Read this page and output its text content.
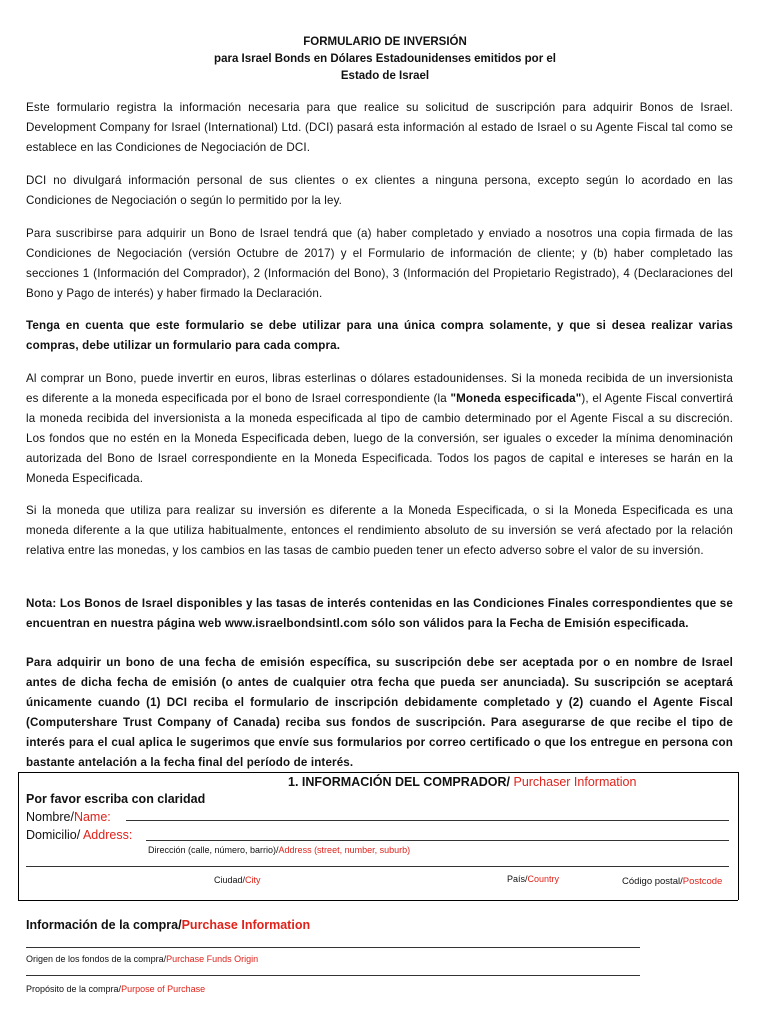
FORMULARIO DE INVERSIÓN
para Israel Bonds en Dólares Estadounidenses emitidos por el
Estado de Israel
Este formulario registra la información necesaria para que realice su solicitud de suscripción para adquirir Bonos de Israel. Development Company for Israel (International) Ltd. (DCI) pasará esta información al estado de Israel o su Agente Fiscal tal como se establece en las Condiciones de Negociación de DCI.
DCI no divulgará información personal de sus clientes o ex clientes a ninguna persona, excepto según lo acordado en las Condiciones de Negociación o según lo permitido por la ley.
Para suscribirse para adquirir un Bono de Israel tendrá que (a) haber completado y enviado a nosotros una copia firmada de las Condiciones de Negociación (versión Octubre de 2017) y el Formulario de información de cliente; y (b) haber completado las secciones 1 (Información del Comprador), 2 (Información del Bono), 3 (Información del Propietario Registrado), 4 (Declaraciones del Bono y Pago de interés) y haber firmado la Declaración.
Tenga en cuenta que este formulario se debe utilizar para una única compra solamente, y que si desea realizar varias compras, debe utilizar un formulario para cada compra.
Al comprar un Bono, puede invertir en euros, libras esterlinas o dólares estadounidenses. Si la moneda recibida de un inversionista es diferente a la moneda especificada por el bono de Israel correspondiente (la "Moneda especificada"), el Agente Fiscal convertirá la moneda recibida del inversionista a la moneda especificada al tipo de cambio determinado por el Agente Fiscal a su discreción. Los fondos que no estén en la Moneda Especificada deben, luego de la conversión, ser iguales o exceder la mínima denominación autorizada del Bono de Israel correspondiente en la Moneda Especificada. Todos los pagos de capital e intereses se harán en la Moneda Especificada.
Si la moneda que utiliza para realizar su inversión es diferente a la Moneda Especificada, o si la Moneda Especificada es una moneda diferente a la que utiliza habitualmente, entonces el rendimiento absoluto de su inversión se verá afectado por la relación relativa entre las monedas, y los cambios en las tasas de cambio pueden tener un efecto adverso sobre el valor de su inversión.
Nota: Los Bonos de Israel disponibles y las tasas de interés contenidas en las Condiciones Finales correspondientes que se encuentran en nuestra página web www.israelbondsintl.com sólo son válidos para la Fecha de Emisión especificada.
Para adquirir un bono de una fecha de emisión específica, su suscripción debe ser aceptada por o en nombre de Israel antes de dicha fecha de emisión (o antes de cualquier otra fecha que pueda ser anunciada). Su suscripción se aceptará únicamente cuando (1) DCI reciba el formulario de inscripción debidamente completado y (2) cuando el Agente Fiscal (Computershare Trust Company of Canada) reciba sus fondos de suscripción. Para asegurarse de que recibe el tipo de interés para el cual aplica le sugerimos que envíe sus formularios por correo certificado o que los entregue en persona con bastante antelación a la fecha final del período de interés.
1. INFORMACIÓN DEL COMPRADOR/ Purchaser Information
Por favor escriba con claridad
Nombre/Name:
Domicilio/ Address:
Dirección (calle, número, barrio)/Address (street, number, suburb)
Ciudad/City	País/Country	Código postal/Postcode
Información de la compra/Purchase Information
Origen de los fondos de la compra/Purchase Funds Origin
Propósito de la compra/Purpose of Purchase
